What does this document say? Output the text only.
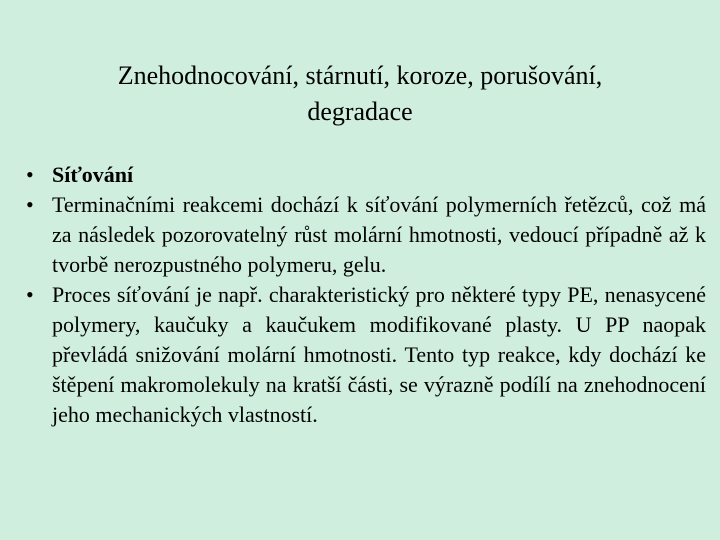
Znehodnocování, stárnutí, koroze, porušování,
degradace
• Síťování
• Terminačními reakcemi dochází k síťování polymerních řetězců, což má za následek pozorovatelný růst molární hmotnosti, vedoucí případně až k tvorbě nerozpustného polymeru, gelu.
• Proces síťování je např. charakteristický pro některé typy PE, nenasycené polymery, kaučuky a kaučukem modifikované plasty. U PP naopak převládá snižování molární hmotnosti. Tento typ reakce, kdy dochází ke štěpení makromolekuly na kratší části, se výrazně podílí na znehodnocení jeho mechanických vlastností.
